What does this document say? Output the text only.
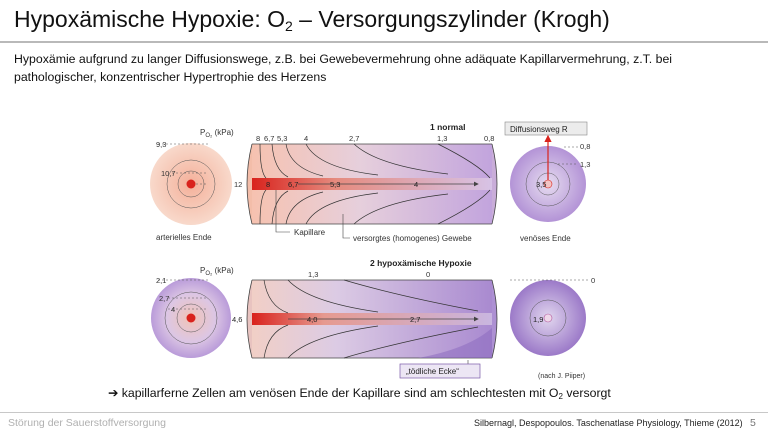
Hypoxämische Hypoxie: $O_2$ – Versorgungszylinder (Krogh)
Hypoxämie aufgrund zu langer Diffusionswege, z.B. bei Gewebevermehrung ohne adäquate Kapillarvermehrung, z.T. bei pathologischer, konzentrischer Hypertrophie des Herzens
$P_{O_2}$ (kPa)
1 normal	Diffusionsweg R
9,3
10,7
12
8 6,7 5,3 4	2,7	1,3	0,8
0,8
1,3
8 6,7	5,3	4	3,5
arterielles Ende
Kapillare
versorgtes (homogenes) Gewebe	venöses Ende
$P_{O_2}$ (kPa)
2 hypoxämische Hypoxie
2,1
2,7
4
1,3	0
0
4,6	4,0	2,7	1,9
„tödliche Ecke“
(nach J. Piiper)
➔ kapillarferne Zellen am venösen Ende der Kapillare sind am schlechtesten mit $O_2$ versorgt
Störung der Sauerstoffversorgung	Silbernagl, Despopoulos. Taschenatlase Physiology, Thieme (2012) 5
